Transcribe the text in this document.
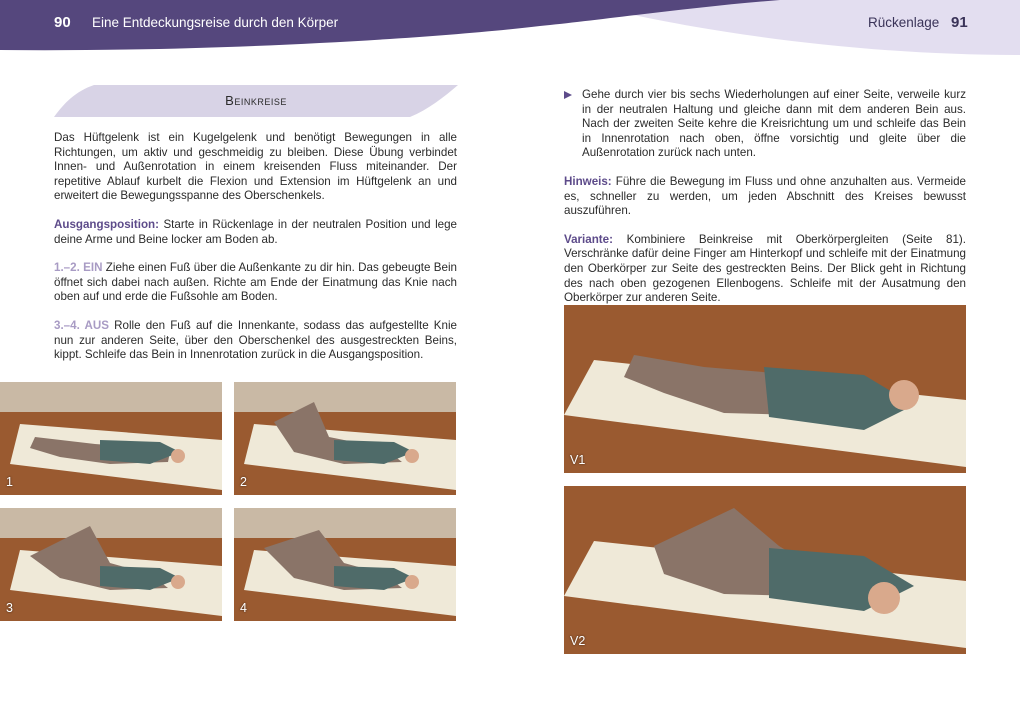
90 Eine Entdeckungsreise durch den Körper	Rückenlage 91
Beinkreise

Das Hüftgelenk ist ein Kugelgelenk und benötigt Bewegungen in alle Richtungen, um aktiv und geschmeidig zu bleiben. Diese Übung verbindet Innen- und Außenrotation in einem kreisenden Fluss miteinander. Der repetitive Ablauf kurbelt die Flexion und Extension im Hüftgelenk an und erweitert die Bewegungsspanne des Oberschenkels.

Ausgangsposition: Starte in Rückenlage in der neutralen Position und lege deine Arme und Beine locker am Boden ab.

1.–2. EIN Ziehe einen Fuß über die Außenkante zu dir hin. Das gebeugte Bein öffnet sich dabei nach außen. Richte am Ende der Einatmung das Knie nach oben auf und erde die Fußsohle am Boden.

3.–4. AUS Rolle den Fuß auf die Innenkante, sodass das aufgestellte Knie nun zur anderen Seite, über den Oberschenkel des ausgestreckten Beins, kippt. Schleife das Bein in Innenrotation zurück in die Ausgangsposition.

1	2
3	4

Gehe durch vier bis sechs Wiederholungen auf einer Seite, verweile kurz in der neutralen Haltung und gleiche dann mit dem anderen Bein aus. Nach der zweiten Seite kehre die Kreisrichtung um und schleife das Bein in Innenrotation nach oben, öffne vorsichtig und gleite über die Außenrotation zurück nach unten.

Hinweis: Führe die Bewegung im Fluss und ohne anzuhalten aus. Vermeide es, schneller zu werden, um jeden Abschnitt des Kreises bewusst auszuführen.

Variante: Kombiniere Beinkreise mit Oberkörpergleiten (Seite 81). Verschränke dafür deine Finger am Hinterkopf und schleife mit der Einatmung den Oberkörper zur Seite des gestreckten Beins. Der Blick geht in Richtung des nach oben gezogenen Ellenbogens. Schleife mit der Ausatmung den Oberkörper zur anderen Seite.

V1
V2
